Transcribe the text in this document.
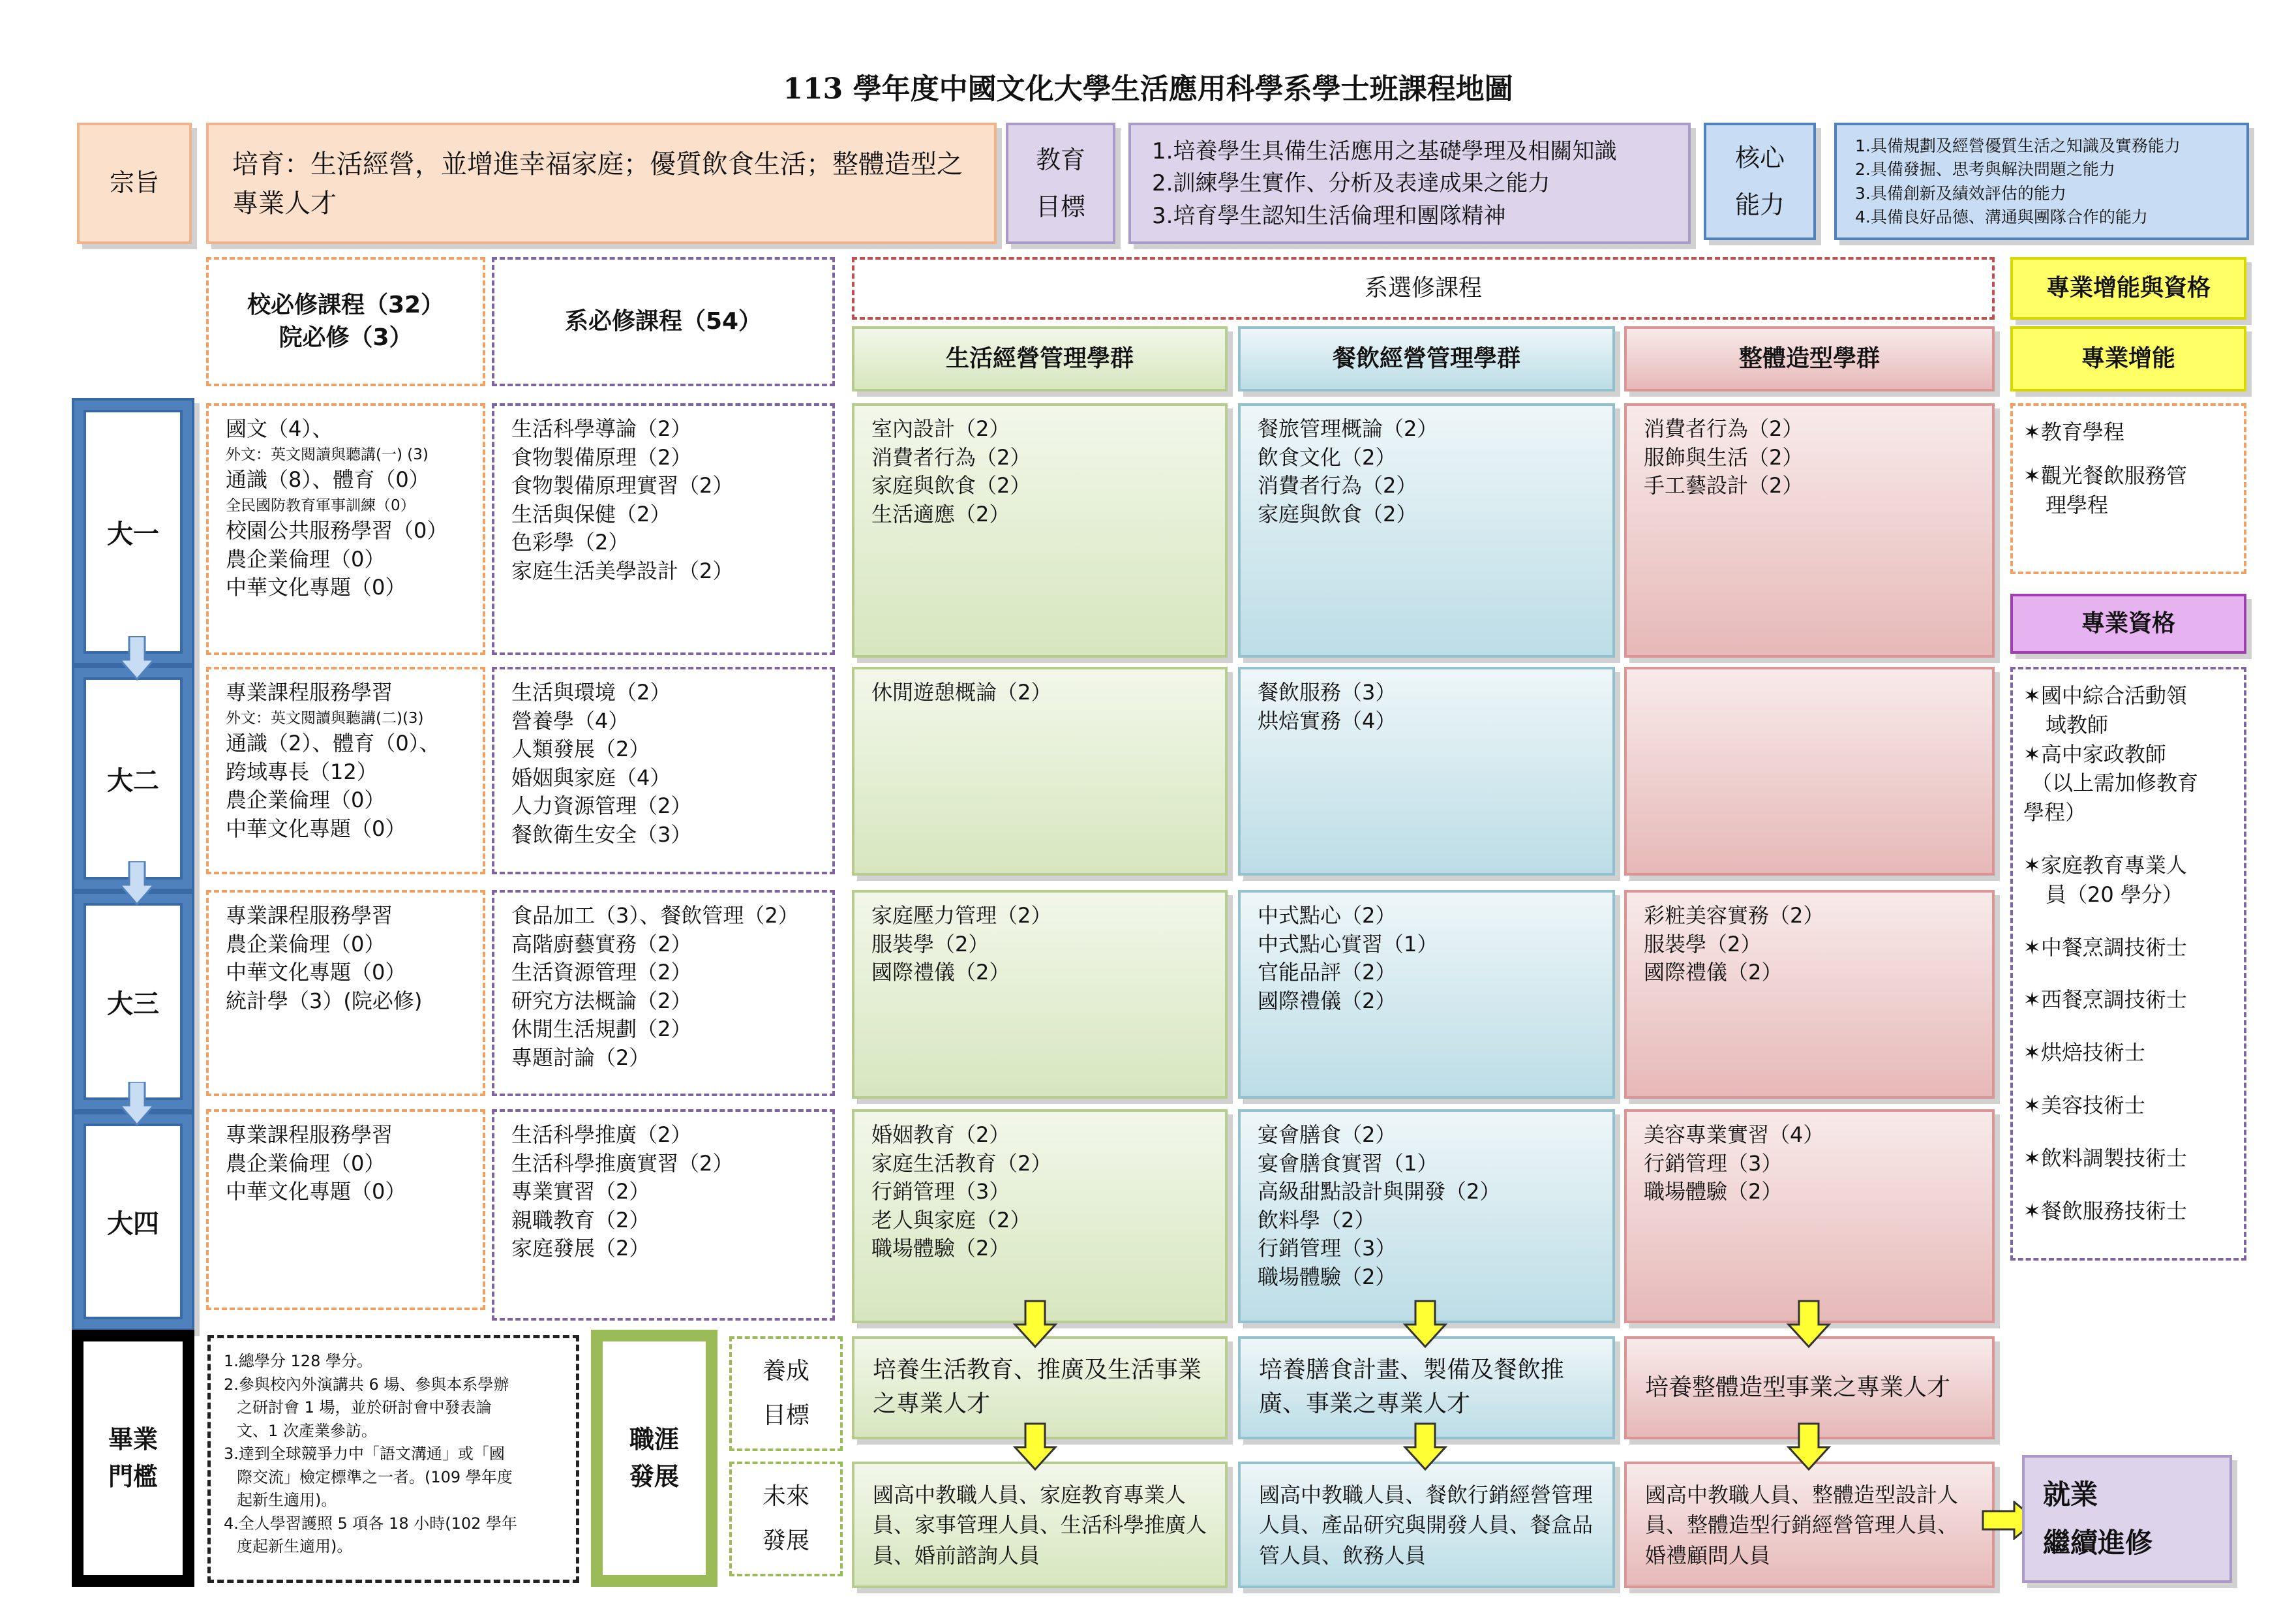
113 學年度中國文化大學生活應用科學系學士班課程地圖
宗旨
培育：生活經營，並增進幸福家庭；優質飲食生活；整體造型之專業人才
教育
目標
1.培養學生具備生活應用之基礎學理及相關知識
2.訓練學生實作、分析及表達成果之能力
3.培育學生認知生活倫理和團隊精神
核心
能力
1.具備規劃及經營優質生活之知識及實務能力
2.具備發掘、思考與解決問題之能力
3.具備創新及績效評估的能力
4.具備良好品德、溝通與團隊合作的能力
校必修課程（32）
院必修（3）
系必修課程（54）
系選修課程
生活經營管理學群	餐飲經營管理學群	整體造型學群
專業增能與資格
專業增能
大一
大二
大三
大四
國文（4）、
外文：英文閱讀與聽講(一) (3)
通識（8）、體育（0）
全民國防教育軍事訓練（0）
校園公共服務學習（0）
農企業倫理（0）
中華文化專題（0）
專業課程服務學習
外文：英文閱讀與聽講(二)(3)
通識（2）、體育（0）、
跨域專長（12）
農企業倫理（0）
中華文化專題（0）
專業課程服務學習
農企業倫理（0）
中華文化專題（0）
統計學（3）(院必修)
專業課程服務學習
農企業倫理（0）
中華文化專題（0）
生活科學導論（2）
食物製備原理（2）
食物製備原理實習（2）
生活與保健（2）
色彩學（2）
家庭生活美學設計（2）
生活與環境（2）
營養學（4）
人類發展（2）
婚姻與家庭（4）
人力資源管理（2）
餐飲衛生安全（3）
食品加工（3）、餐飲管理（2）
高階廚藝實務（2）
生活資源管理（2）
研究方法概論（2）
休閒生活規劃（2）
專題討論（2）
生活科學推廣（2）
生活科學推廣實習（2）
專業實習（2）
親職教育（2）
家庭發展（2）
室內設計（2）
消費者行為（2）
家庭與飲食（2）
生活適應（2）
休閒遊憩概論（2）
家庭壓力管理（2）
服裝學（2）
國際禮儀（2）
婚姻教育（2）
家庭生活教育（2）
行銷管理（3）
老人與家庭（2）
職場體驗（2）
餐旅管理概論（2）
飲食文化（2）
消費者行為（2）
家庭與飲食（2）
餐飲服務（3）
烘焙實務（4）
中式點心（2）
中式點心實習（1）
官能品評（2）
國際禮儀（2）
宴會膳食（2）
宴會膳食實習（1）
高級甜點設計與開發（2）
飲料學（2）
行銷管理（3）
職場體驗（2）
消費者行為（2）
服飾與生活（2）
手工藝設計（2）
彩粧美容實務（2）
服裝學（2）
國際禮儀（2）
美容專業實習（4）
行銷管理（3）
職場體驗（2）
✶教育學程
✶觀光餐飲服務管
理學程
專業資格
✶國中綜合活動領
域教師
✶高中家政教師
（以上需加修教育
學程）
✶家庭教育專業人
員（20 學分）
✶中餐烹調技術士
✶西餐烹調技術士
✶烘焙技術士
✶美容技術士
✶飲料調製技術士
✶餐飲服務技術士
畢業
門檻
1.總學分 128 學分。
2.參與校內外演講共 6 場、參與本系學辦
之研討會 1 場，並於研討會中發表論
文、1 次產業參訪。
3.達到全球競爭力中「語文溝通」或「國
際交流」檢定標準之一者。(109 學年度
起新生適用)。
4.全人學習護照 5 項各 18 小時(102 學年
度起新生適用)。
職涯
發展
養成
目標
未來
發展
培養生活教育、推廣及生活事業之專業人才
培養膳食計畫、製備及餐飲推廣、事業之專業人才
培養整體造型事業之專業人才
國高中教職人員、家庭教育專業人員、家事管理人員、生活科學推廣人員、婚前諮詢人員
國高中教職人員、餐飲行銷經營管理人員、產品研究與開發人員、餐盒品管人員、飲務人員
國高中教職人員、整體造型設計人員、整體造型行銷經營管理人員、婚禮顧問人員
就業
繼續進修
